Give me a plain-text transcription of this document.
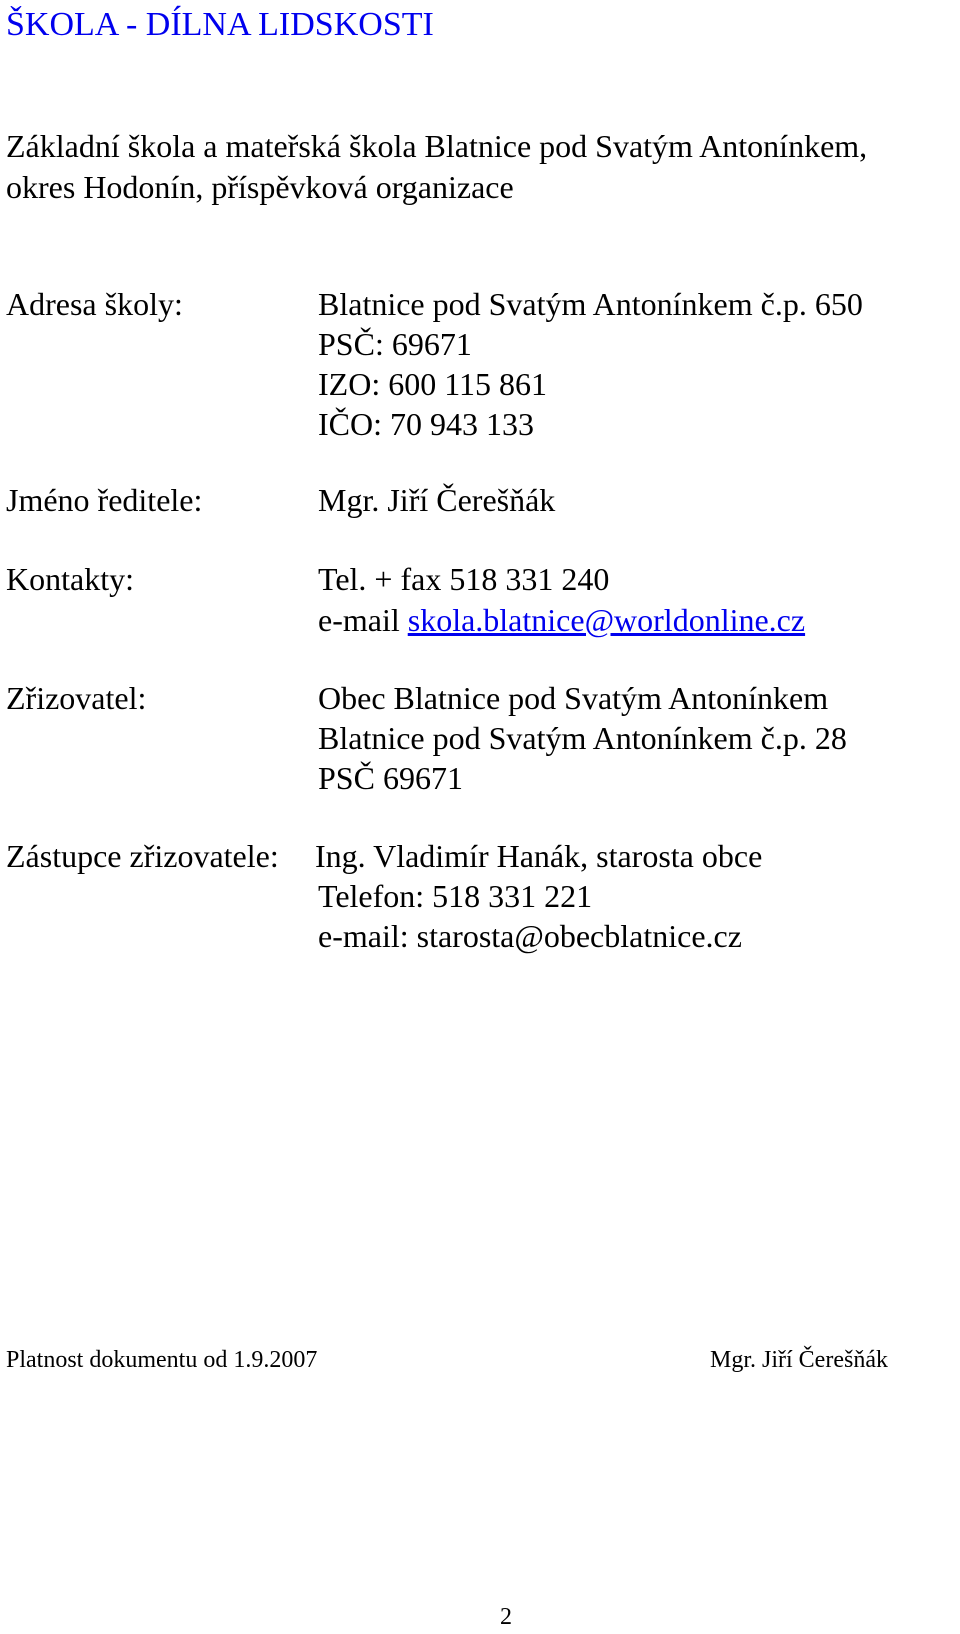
ŠKOLA - DÍLNA LIDSKOSTI
Základní škola a mateřská škola Blatnice pod Svatým Antonínkem,
okres Hodonín, příspěvková organizace
Adresa školy:	Blatnice pod Svatým Antonínkem č.p. 650
PSČ: 69671
IZO: 600 115 861
IČO: 70 943 133
Jméno ředitele:	Mgr. Jiří Čerešňák
Kontakty:	Tel. + fax 518 331 240
e-mail skola.blatnice@worldonline.cz
Zřizovatel:	Obec Blatnice pod Svatým Antonínkem
Blatnice pod Svatým Antonínkem č.p. 28
PSČ 69671
Zástupce zřizovatele: Ing. Vladimír Hanák, starosta obce
Telefon: 518 331 221
e-mail: starosta@obecblatnice.cz
Platnost dokumentu od 1.9.2007	Mgr. Jiří Čerešňák
2
